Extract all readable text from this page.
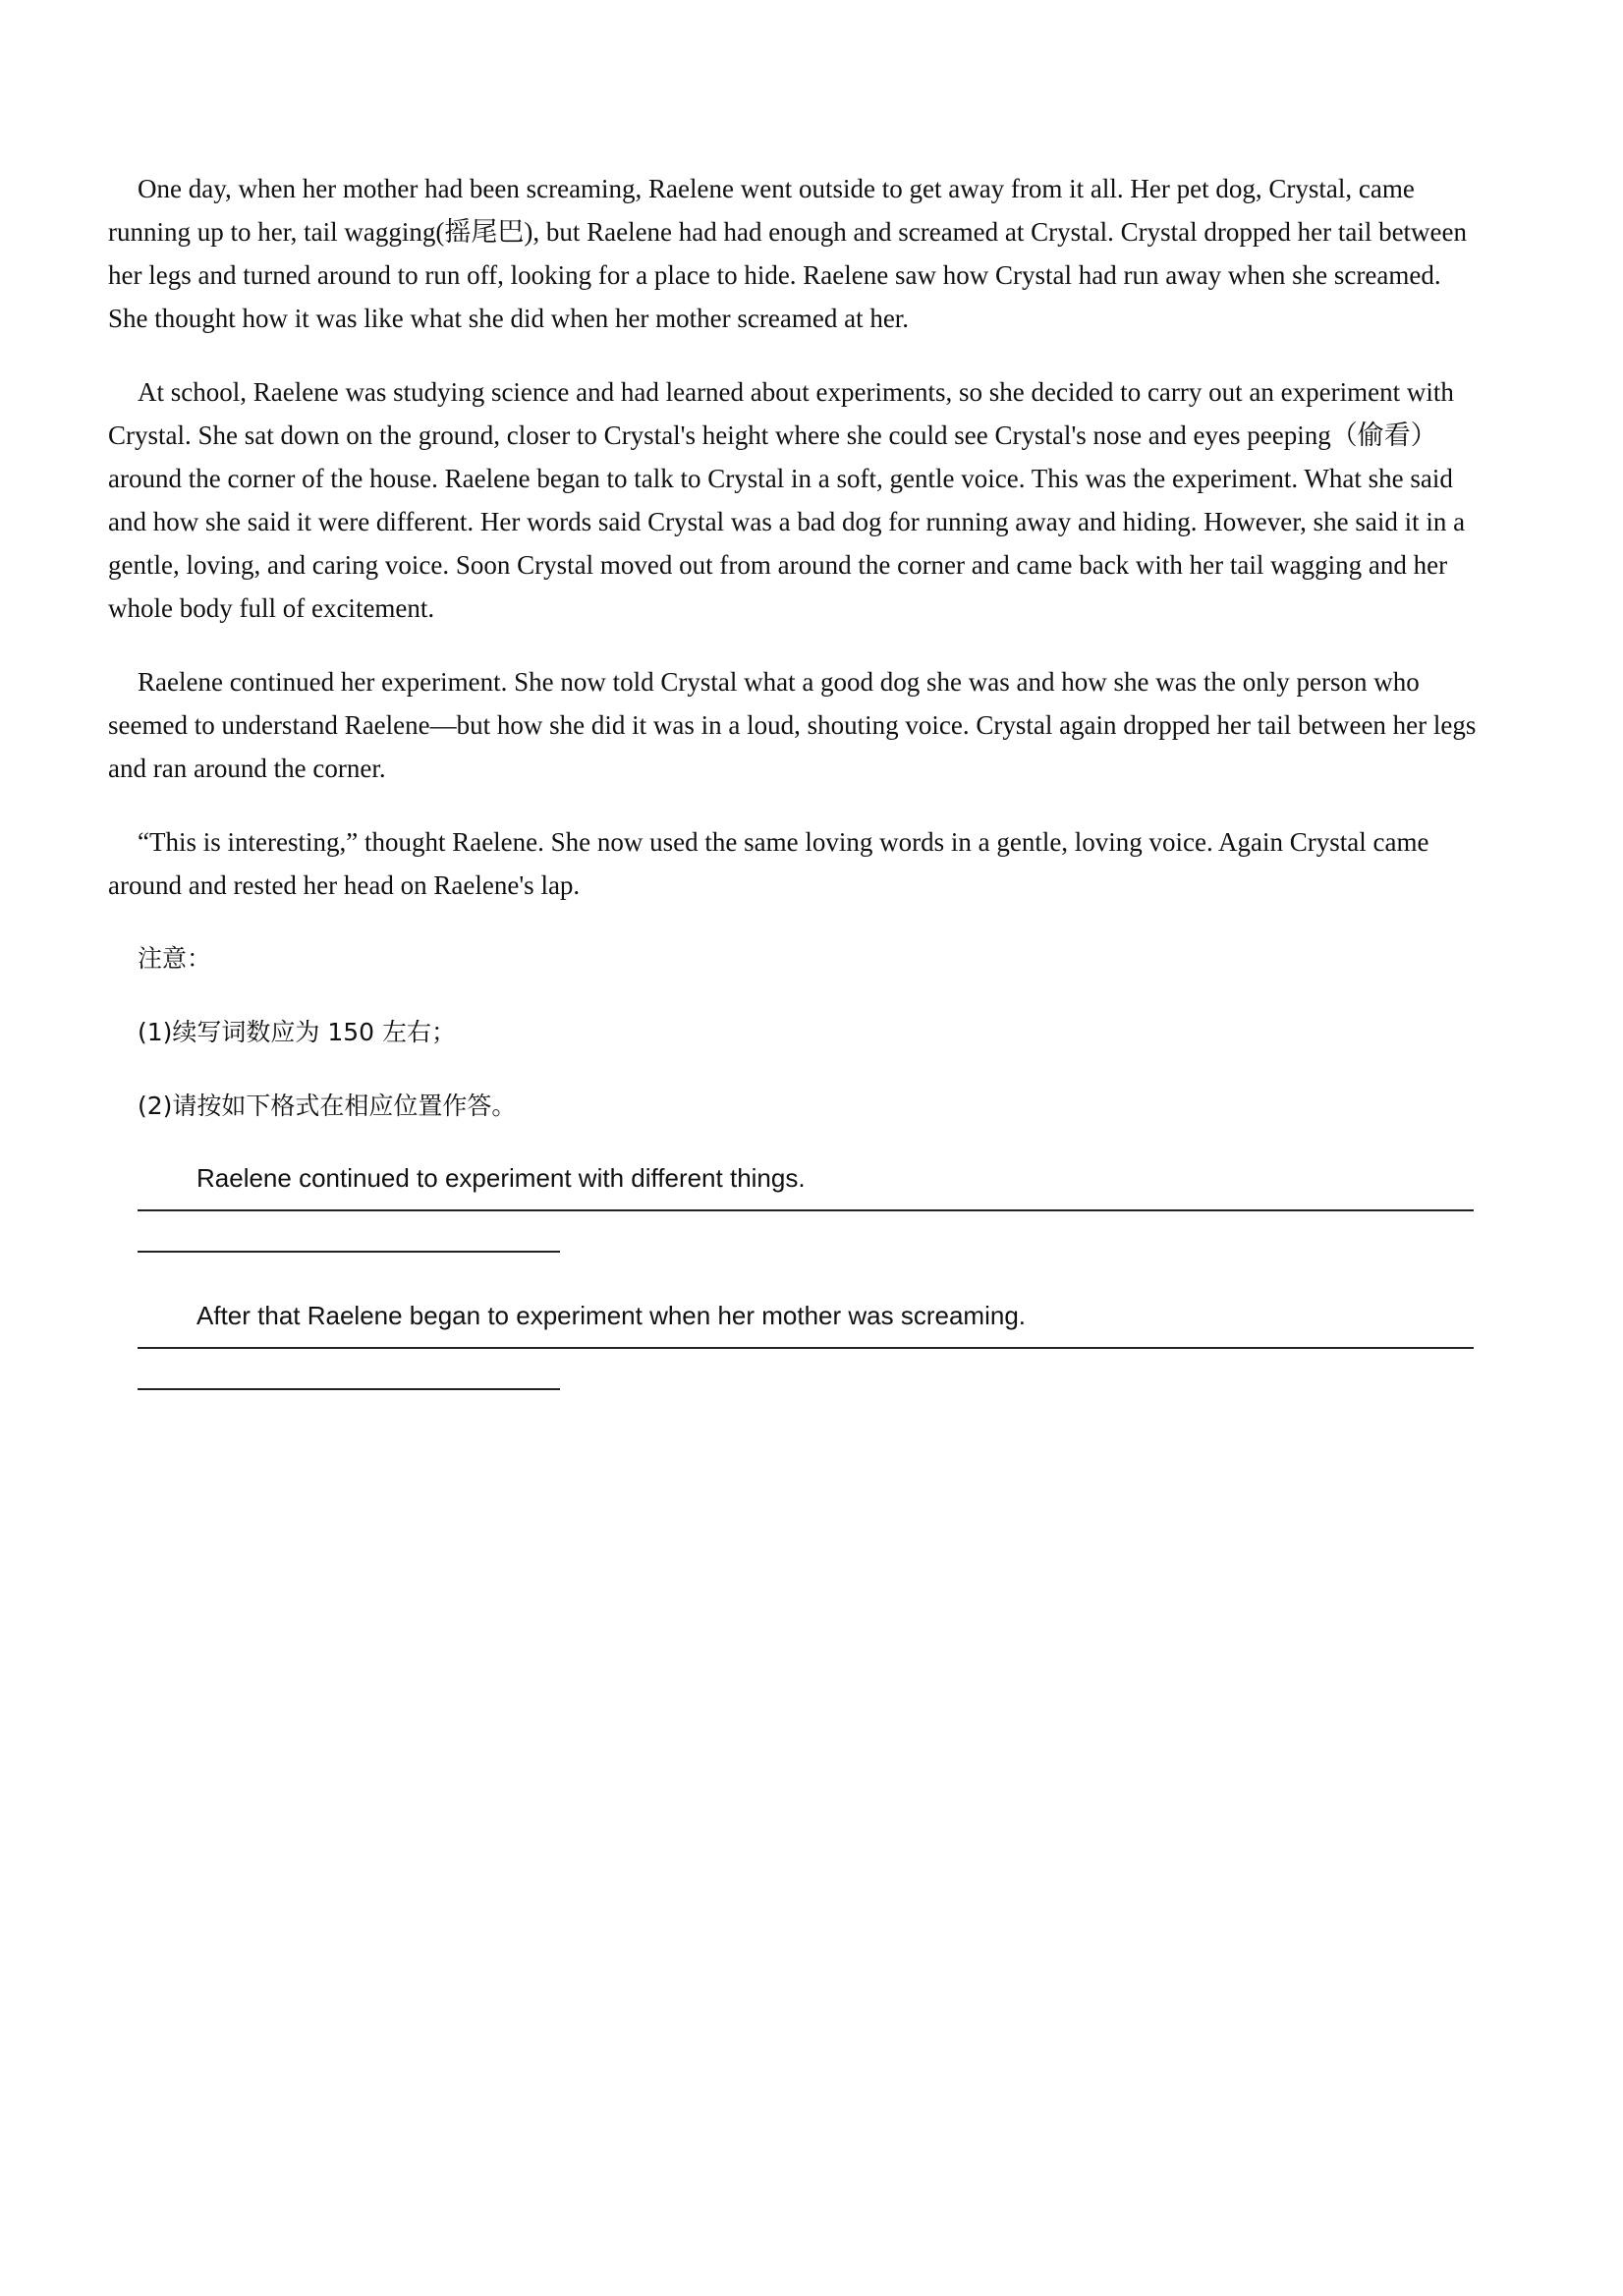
One day, when her mother had been screaming, Raelene went outside to get away from it all. Her pet dog, Crystal, came running up to her, tail wagging(摇尾巴), but Raelene had had enough and screamed at Crystal. Crystal dropped her tail between her legs and turned around to run off, looking for a place to hide. Raelene saw how Crystal had run away when she screamed. She thought how it was like what she did when her mother screamed at her.

At school, Raelene was studying science and had learned about experiments, so she decided to carry out an experiment with Crystal. She sat down on the ground, closer to Crystal's height where she could see Crystal's nose and eyes peeping（偷看）around the corner of the house. Raelene began to talk to Crystal in a soft, gentle voice. This was the experiment. What she said and how she said it were different. Her words said Crystal was a bad dog for running away and hiding. However, she said it in a gentle, loving, and caring voice. Soon Crystal moved out from around the corner and came back with her tail wagging and her whole body full of excitement.

Raelene continued her experiment. She now told Crystal what a good dog she was and how she was the only person who seemed to understand Raelene—but how she did it was in a loud, shouting voice. Crystal again dropped her tail between her legs and ran around the corner.

“This is interesting,” thought Raelene. She now used the same loving words in a gentle, loving voice. Again Crystal came around and rested her head on Raelene's lap.

注意：

(1)续写词数应为 150 左右；

(2)请按如下格式在相应位置作答。

Raelene continued to experiment with different things.

After that Raelene began to experiment when her mother was screaming.
